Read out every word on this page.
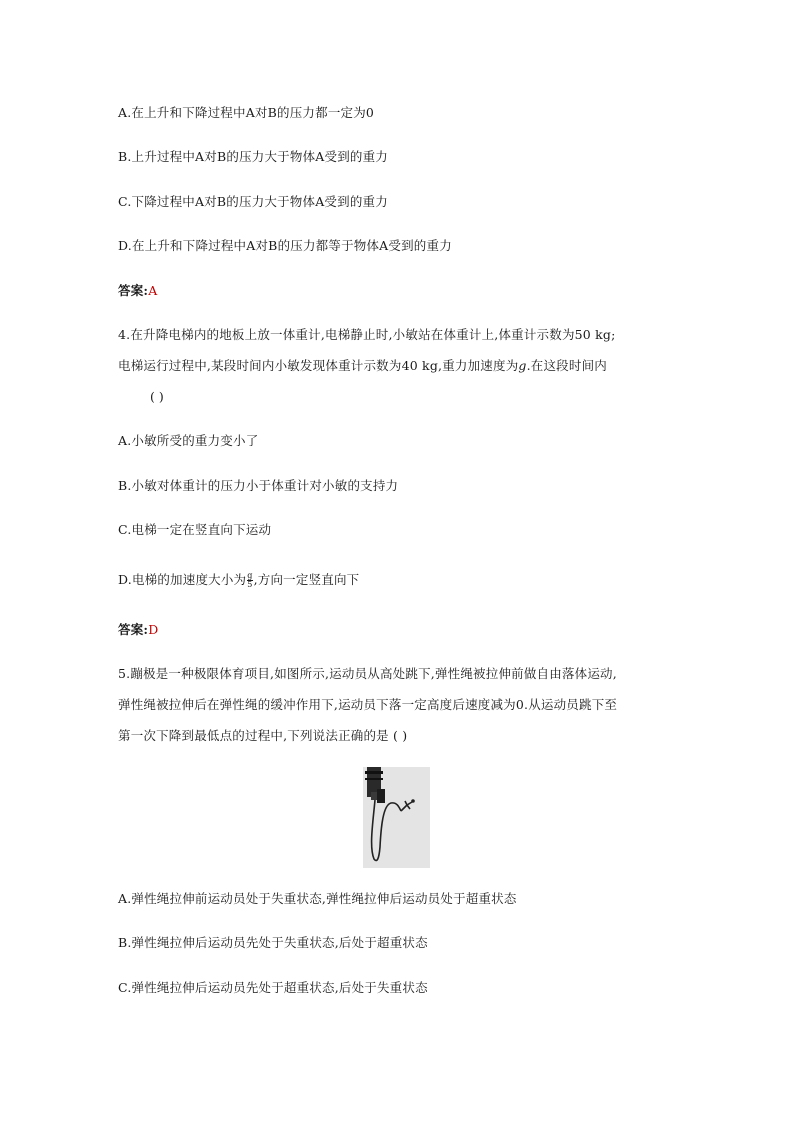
A.在上升和下降过程中A对B的压力都一定为0
B.上升过程中A对B的压力大于物体A受到的重力
C.下降过程中A对B的压力大于物体A受到的重力
D.在上升和下降过程中A对B的压力都等于物体A受到的重力
答案:A
4.在升降电梯内的地板上放一体重计,电梯静止时,小敏站在体重计上,体重计示数为50 kg;
电梯运行过程中,某段时间内小敏发现体重计示数为40 kg,重力加速度为g.在这段时间内
( )
A.小敏所受的重力变小了
B.小敏对体重计的压力小于体重计对小敏的支持力
C.电梯一定在竖直向下运动
D.电梯的加速度大小为 $\frac{g}{5}$ ,方向一定竖直向下
答案:D
5.蹦极是一种极限体育项目,如图所示,运动员从高处跳下,弹性绳被拉伸前做自由落体运动,
弹性绳被拉伸后在弹性绳的缓冲作用下,运动员下落一定高度后速度减为0.从运动员跳下至
第一次下降到最低点的过程中,下列说法正确的是 ( )
A.弹性绳拉伸前运动员处于失重状态,弹性绳拉伸后运动员处于超重状态
B.弹性绳拉伸后运动员先处于失重状态,后处于超重状态
C.弹性绳拉伸后运动员先处于超重状态,后处于失重状态
